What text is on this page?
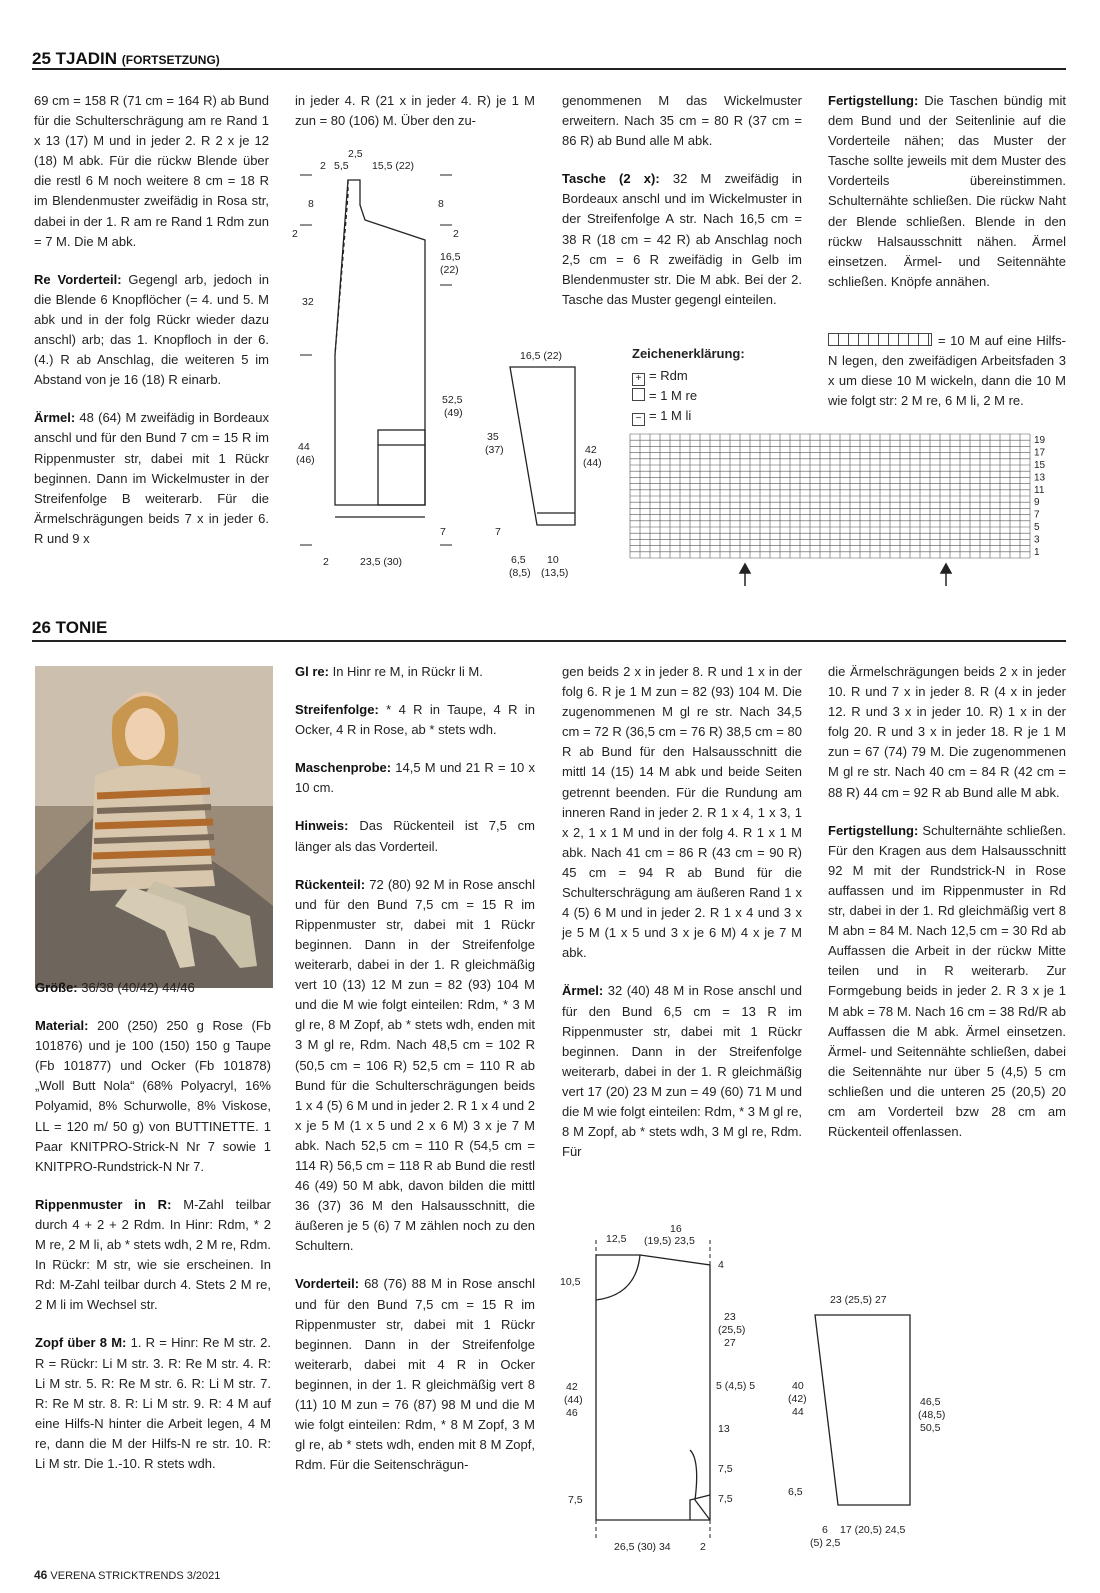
25 TJADIN (FORTSETZUNG)

69 cm = 158 R (71 cm = 164 R) ab Bund für die Schulterschrägung am re Rand 1 x 13 (17) M und in jeder 2. R 2 x je 12 (18) M abk. Für die rückw Blende über die restl 6 M noch weitere 8 cm = 18 R im Blendenmuster zweifädig in Rosa str, dabei in der 1. R am re Rand 1 Rdm zun = 7 M. Die M abk.

Re Vorderteil: Gegengl arb, jedoch in die Blende 6 Knopflöcher (= 4. und 5. M abk und in der folg Rückr wieder dazu anschl) arb; das 1. Knopfloch in der 6. (4.) R ab Anschlag, die weiteren 5 im Abstand von je 16 (18) R einarb.

Ärmel: 48 (64) M zweifädig in Bordeaux anschl und für den Bund 7 cm = 15 R im Rippenmuster str, dabei mit 1 Rückr beginnen. Dann im Wickelmuster in der Streifenfolge B weiterarb. Für die Ärmelschrägungen beids 7 x in jeder 6. R und 9 x

in jeder 4. R (21 x in jeder 4. R) je 1 M zun = 80 (106) M. Über den zu-

2,5
2 5,5 15,5 (22)
8
2
32
44
(46)
8
2
16,5
(22)
52,5
(49)
7
2	23,5 (30)
16,5 (22)
35
(37)
7
42
(44)
6,5 10
(8,5) (13,5)

genommenen M das Wickelmuster erweitern. Nach 35 cm = 80 R (37 cm = 86 R) ab Bund alle M abk.

Tasche (2 x): 32 M zweifädig in Bordeaux anschl und im Wickelmuster in der Streifenfolge A str. Nach 16,5 cm = 38 R (18 cm = 42 R) ab Anschlag noch 2,5 cm = 6 R zweifädig in Gelb im Blendenmuster str. Die M abk. Bei der 2. Tasche das Muster gegengl einteilen.

Zeichenerklärung:
+ = Rdm
= 1 M re
− = 1 M li

Fertigstellung: Die Taschen bündig mit dem Bund und der Seitenlinie auf die Vorderteile nähen; das Muster der Tasche sollte jeweils mit dem Muster des Vorderteils übereinstimmen. Schulternähte schließen. Die rückw Naht der Blende schließen. Blende in den rückw Halsausschnitt nähen. Ärmel einsetzen. Ärmel- und Seitennähte schließen. Knöpfe annähen.

= 10 M auf eine Hilfs-N legen, den zweifädigen Arbeitsfaden 3 x um diese 10 M wickeln, dann die 10 M wie folgt str: 2 M re, 6 M li, 2 M re.
19
17
15
13
11
9
7
5
3
1
26 TONIE

Größe: 36/38 (40/42) 44/46

Material: 200 (250) 250 g Rose (Fb 101876) und je 100 (150) 150 g Taupe (Fb 101877) und Ocker (Fb 101878) „Woll Butt Nola“ (68% Polyacryl, 16% Polyamid, 8% Schurwolle, 8% Viskose, LL = 120 m/ 50 g) von BUTTINETTE. 1 Paar KNITPRO-Strick-N Nr 7 sowie 1 KNITPRO-Rundstrick-N Nr 7.

Rippenmuster in R: M-Zahl teilbar durch 4 + 2 + 2 Rdm. In Hinr: Rdm, * 2 M re, 2 M li, ab * stets wdh, 2 M re, Rdm. In Rückr: M str, wie sie erscheinen. In Rd: M-Zahl teilbar durch 4. Stets 2 M re, 2 M li im Wechsel str.

Zopf über 8 M: 1. R = Hinr: Re M str. 2. R = Rückr: Li M str. 3. R: Re M str. 4. R: Li M str. 5. R: Re M str. 6. R: Li M str. 7. R: Re M str. 8. R: Li M str. 9. R: 4 M auf eine Hilfs-N hinter die Arbeit legen, 4 M re, dann die M der Hilfs-N re str. 10. R: Li M str. Die 1.-10. R stets wdh.

Gl re: In Hinr re M, in Rückr li M.

Streifenfolge: * 4 R in Taupe, 4 R in Ocker, 4 R in Rose, ab * stets wdh.

Maschenprobe: 14,5 M und 21 R = 10 x 10 cm.

Hinweis: Das Rückenteil ist 7,5 cm länger als das Vorderteil.

Rückenteil: 72 (80) 92 M in Rose anschl und für den Bund 7,5 cm = 15 R im Rippenmuster str, dabei mit 1 Rückr beginnen. Dann in der Streifenfolge weiterarb, dabei in der 1. R gleichmäßig vert 10 (13) 12 M zun = 82 (93) 104 M und die M wie folgt einteilen: Rdm, * 3 M gl re, 8 M Zopf, ab * stets wdh, enden mit 3 M gl re, Rdm. Nach 48,5 cm = 102 R (50,5 cm = 106 R) 52,5 cm = 110 R ab Bund für die Schulterschrägungen beids 1 x 4 (5) 6 M und in jeder 2. R 1 x 4 und 2 x je 5 M (1 x 5 und 2 x 6 M) 3 x je 7 M abk. Nach 52,5 cm = 110 R (54,5 cm = 114 R) 56,5 cm = 118 R ab Bund die restl 46 (49) 50 M abk, davon bilden die mittl 36 (37) 36 M den Halsausschnitt, die äußeren je 5 (6) 7 M zählen noch zu den Schultern.

Vorderteil: 68 (76) 88 M in Rose anschl und für den Bund 7,5 cm = 15 R im Rippenmuster str, dabei mit 1 Rückr beginnen. Dann in der Streifenfolge weiterarb, dabei mit 4 R in Ocker beginnen, in der 1. R gleichmäßig vert 8 (11) 10 M zun = 76 (87) 98 M und die M wie folgt einteilen: Rdm, * 8 M Zopf, 3 M gl re, ab * stets wdh, enden mit 8 M Zopf, Rdm. Für die Seitenschrägun-

gen beids 2 x in jeder 8. R und 1 x in der folg 6. R je 1 M zun = 82 (93) 104 M. Die zugenommenen M gl re str. Nach 34,5 cm = 72 R (36,5 cm = 76 R) 38,5 cm = 80 R ab Bund für den Halsausschnitt die mittl 14 (15) 14 M abk und beide Seiten getrennt beenden. Für die Rundung am inneren Rand in jeder 2. R 1 x 4, 1 x 3, 1 x 2, 1 x 1 M und in der folg 4. R 1 x 1 M abk. Nach 41 cm = 86 R (43 cm = 90 R) 45 cm = 94 R ab Bund für die Schulterschrägung am äußeren Rand 1 x 4 (5) 6 M und in jeder 2. R 1 x 4 und 3 x je 5 M (1 x 5 und 3 x je 6 M) 4 x je 7 M abk.

Ärmel: 32 (40) 48 M in Rose anschl und für den Bund 6,5 cm = 13 R im Rippenmuster str, dabei mit 1 Rückr beginnen. Dann in der Streifenfolge weiterarb, dabei in der 1. R gleichmäßig vert 17 (20) 23 M zun = 49 (60) 71 M und die M wie folgt einteilen: Rdm, * 3 M gl re, 8 M Zopf, ab * stets wdh, 3 M gl re, Rdm. Für

die Ärmelschrägungen beids 2 x in jeder 10. R und 7 x in jeder 8. R (4 x in jeder 12. R und 3 x in jeder 10. R) 1 x in der folg 20. R und 3 x in jeder 18. R je 1 M zun = 67 (74) 79 M. Die zugenommenen M gl re str. Nach 40 cm = 84 R (42 cm = 88 R) 44 cm = 92 R ab Bund alle M abk.

Fertigstellung: Schulternähte schließen. Für den Kragen aus dem Halsausschnitt 92 M mit der Rundstrick-N in Rose auffassen und im Rippenmuster in Rd str, dabei in der 1. Rd gleichmäßig vert 8 M abn = 84 M. Nach 12,5 cm = 30 Rd ab Auffassen die Arbeit in der rückw Mitte teilen und in R weiterarb. Zur Formgebung beids in jeder 2. R 3 x je 1 M abk = 78 M. Nach 16 cm = 38 Rd/R ab Auffassen die M abk. Ärmel einsetzen. Ärmel- und Seitennähte schließen, dabei die Seitennähte nur über 5 (4,5) 5 cm schließen und die unteren 25 (20,5) 20 cm am Vorderteil bzw 28 cm am Rückenteil offenlassen.

12,5
16
(19,5) 23,5
10,5
42
(44)
46
7,5
4
23
(25,5)
27
5 (4,5) 5
13
7,5
7,5
26,5 (30) 34	2
23 (25,5) 27
40
(42)
44
6,5
46,5
(48,5)
50,5
6 17 (20,5) 24,5
(5) 2,5
46 VERENA STRICKTRENDS 3/2021
